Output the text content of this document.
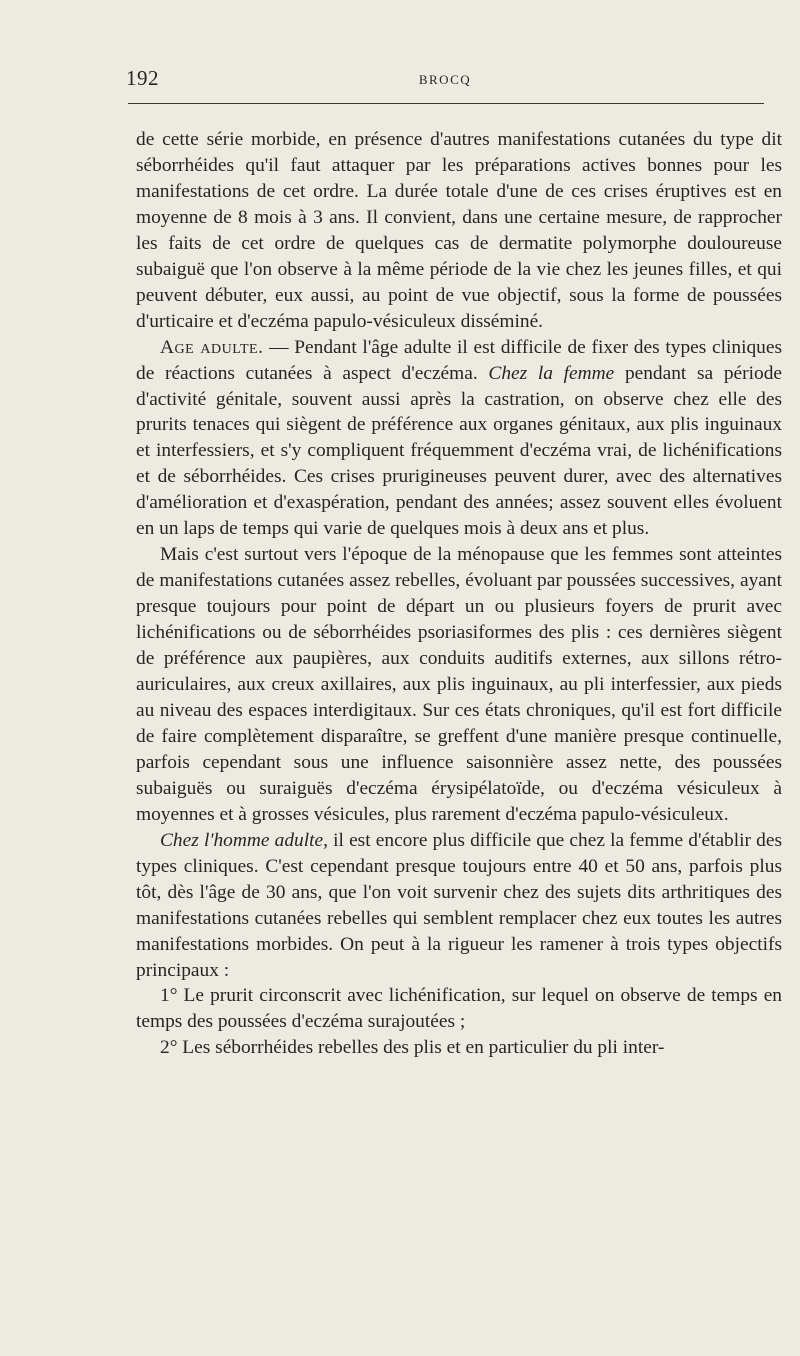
192	BROCQ

de cette série morbide, en présence d'autres manifestations cutanées du type dit séborrhéides qu'il faut attaquer par les préparations actives bonnes pour les manifestations de cet ordre. La durée totale d'une de ces crises éruptives est en moyenne de 8 mois à 3 ans. Il convient, dans une certaine mesure, de rapprocher les faits de cet ordre de quelques cas de dermatite polymorphe douloureuse subaiguë que l'on observe à la même période de la vie chez les jeunes filles, et qui peuvent débuter, eux aussi, au point de vue objectif, sous la forme de poussées d'urticaire et d'eczéma papulo-vésiculeux disséminé.

Age adulte. — Pendant l'âge adulte il est difficile de fixer des types cliniques de réactions cutanées à aspect d'eczéma. Chez la femme pendant sa période d'activité génitale, souvent aussi après la castration, on observe chez elle des prurits tenaces qui siègent de préférence aux organes génitaux, aux plis inguinaux et interfessiers, et s'y compliquent fréquemment d'eczéma vrai, de lichénifications et de séborrhéides. Ces crises prurigineuses peuvent durer, avec des alternatives d'amélioration et d'exaspération, pendant des années; assez souvent elles évoluent en un laps de temps qui varie de quelques mois à deux ans et plus.

Mais c'est surtout vers l'époque de la ménopause que les femmes sont atteintes de manifestations cutanées assez rebelles, évoluant par poussées successives, ayant presque toujours pour point de départ un ou plusieurs foyers de prurit avec lichénifications ou de séborrhéides psoriasiformes des plis : ces dernières siègent de préférence aux paupières, aux conduits auditifs externes, aux sillons rétro-auriculaires, aux creux axillaires, aux plis inguinaux, au pli interfessier, aux pieds au niveau des espaces interdigitaux. Sur ces états chroniques, qu'il est fort difficile de faire complètement disparaître, se greffent d'une manière presque continuelle, parfois cependant sous une influence saisonnière assez nette, des poussées subaiguës ou suraiguës d'eczéma érysipélatoïde, ou d'eczéma vésiculeux à moyennes et à grosses vésicules, plus rarement d'eczéma papulo-vésiculeux.

Chez l'homme adulte, il est encore plus difficile que chez la femme d'établir des types cliniques. C'est cependant presque toujours entre 40 et 50 ans, parfois plus tôt, dès l'âge de 30 ans, que l'on voit survenir chez des sujets dits arthritiques des manifestations cutanées rebelles qui semblent remplacer chez eux toutes les autres manifestations morbides. On peut à la rigueur les ramener à trois types objectifs principaux :

1° Le prurit circonscrit avec lichénification, sur lequel on observe de temps en temps des poussées d'eczéma surajoutées ;

2° Les séborrhéides rebelles des plis et en particulier du pli inter-
